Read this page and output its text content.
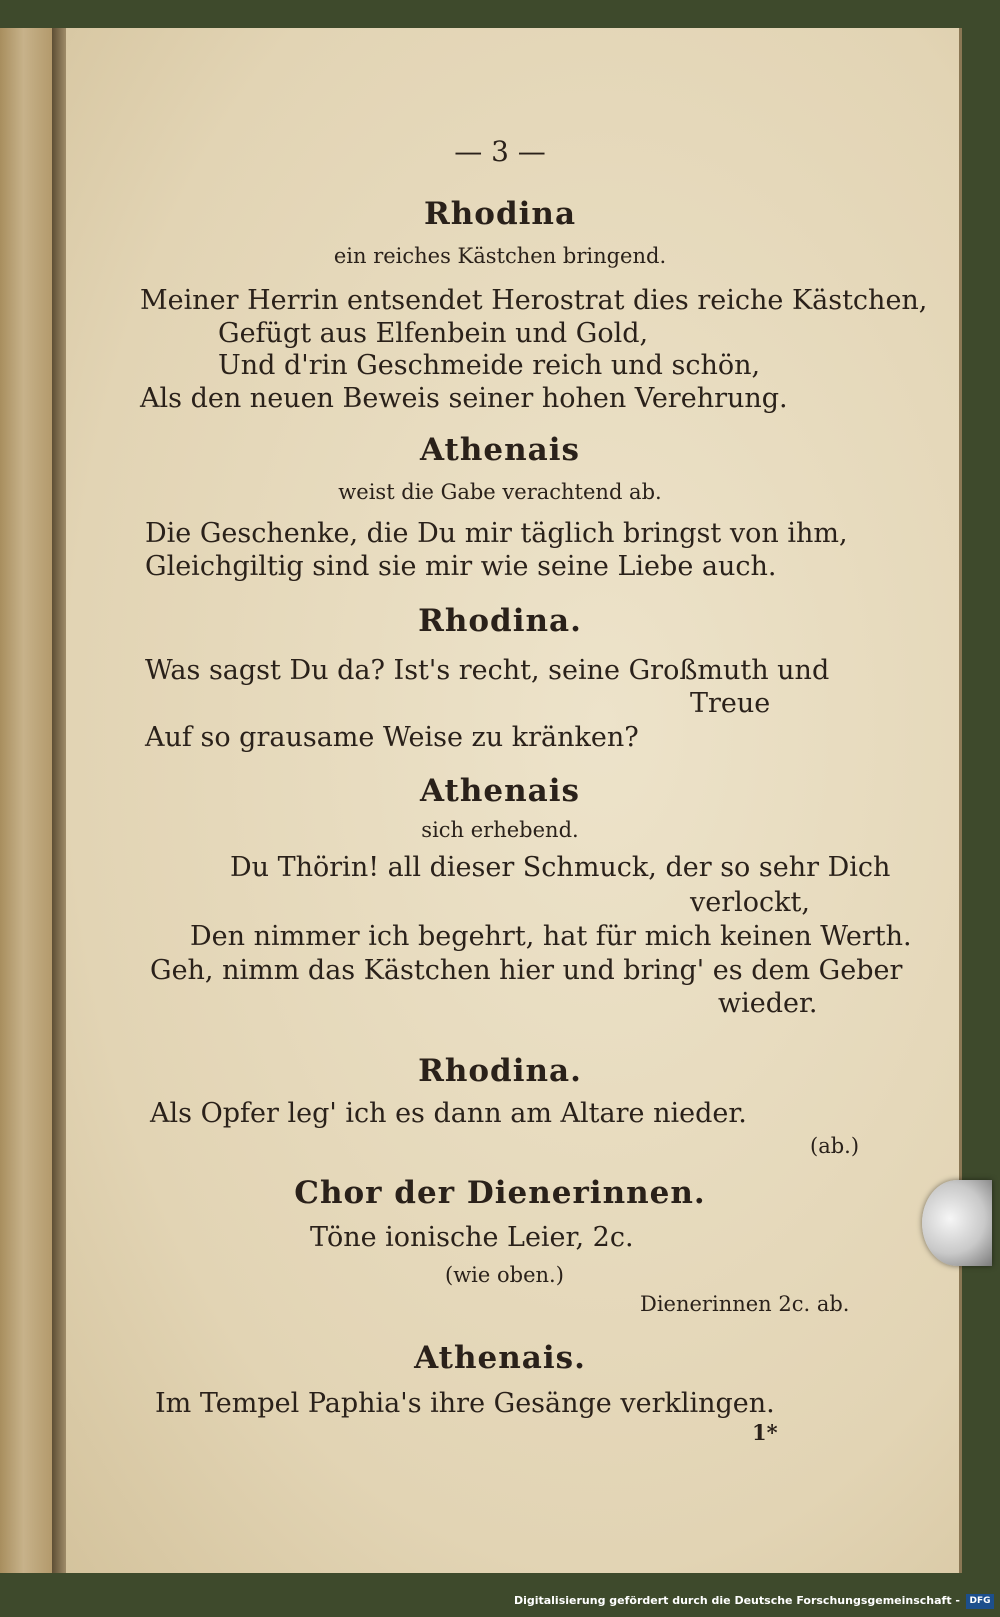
— 3 —
Rhodina
ein reiches Kästchen bringend.
Meiner Herrin entsendet Herostrat dies reiche Kästchen,
Gefügt aus Elfenbein und Gold,
Und d'rin Geschmeide reich und schön,
Als den neuen Beweis seiner hohen Verehrung.
Athenais
weist die Gabe verachtend ab.
Die Geschenke, die Du mir täglich bringst von ihm,
Gleichgiltig sind sie mir wie seine Liebe auch.
Rhodina.
Was sagst Du da? Ist's recht, seine Großmuth und
Treue
Auf so grausame Weise zu kränken?
Athenais
sich erhebend.
Du Thörin! all dieser Schmuck, der so sehr Dich
verlockt,
Den nimmer ich begehrt, hat für mich keinen Werth.
Geh, nimm das Kästchen hier und bring' es dem Geber
wieder.
Rhodina.
Als Opfer leg' ich es dann am Altare nieder.
(ab.)
Chor der Dienerinnen.
Töne ionische Leier, 2c.
(wie oben.)
Dienerinnen 2c. ab.
Athenais.
Im Tempel Paphia's ihre Gesänge verklingen.
1*
Digitalisierung gefördert durch die Deutsche Forschungsgemeinschaft -	DFG
